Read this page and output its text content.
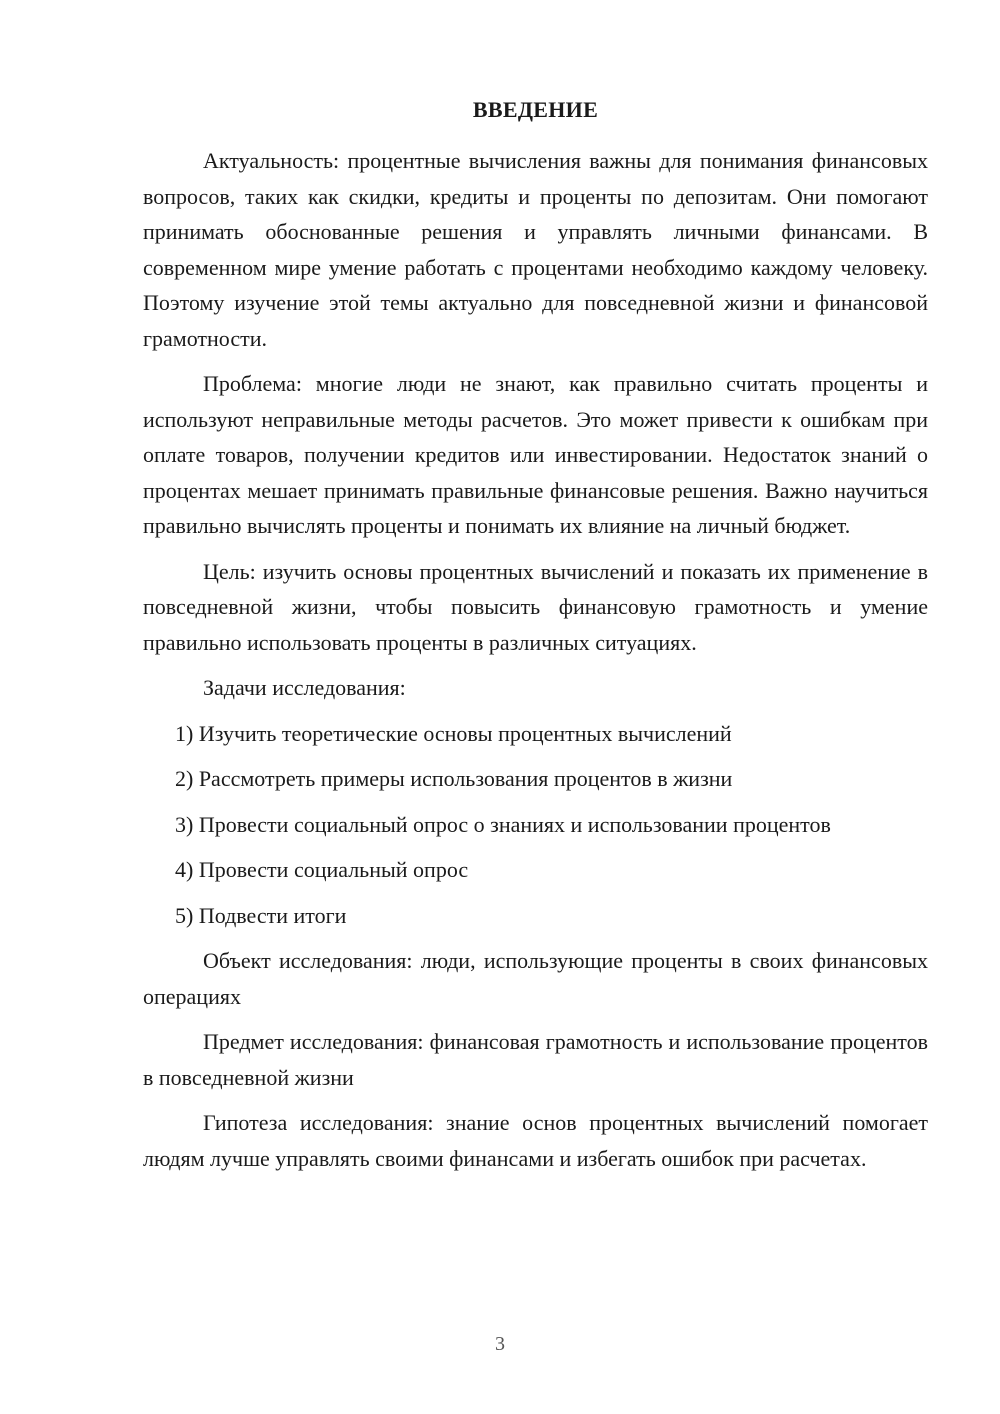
ВВЕДЕНИЕ

Актуальность: процентные вычисления важны для понимания финансовых вопросов, таких как скидки, кредиты и проценты по депозитам. Они помогают принимать обоснованные решения и управлять личными финансами. В современном мире умение работать с процентами необходимо каждому человеку. Поэтому изучение этой темы актуально для повседневной жизни и финансовой грамотности.

Проблема: многие люди не знают, как правильно считать проценты и используют неправильные методы расчетов. Это может привести к ошибкам при оплате товаров, получении кредитов или инвестировании. Недостаток знаний о процентах мешает принимать правильные финансовые решения. Важно научиться правильно вычислять проценты и понимать их влияние на личный бюджет.

Цель: изучить основы процентных вычислений и показать их применение в повседневной жизни, чтобы повысить финансовую грамотность и умение правильно использовать проценты в различных ситуациях.

Задачи исследования:

1) Изучить теоретические основы процентных вычислений
2) Рассмотреть примеры использования процентов в жизни
3) Провести социальный опрос о знаниях и использовании процентов
4) Провести социальный опрос
5) Подвести итоги

Объект исследования: люди, использующие проценты в своих финансовых операциях

Предмет исследования: финансовая грамотность и использование процентов в повседневной жизни

Гипотеза исследования: знание основ процентных вычислений помогает людям лучше управлять своими финансами и избегать ошибок при расчетах.

3
